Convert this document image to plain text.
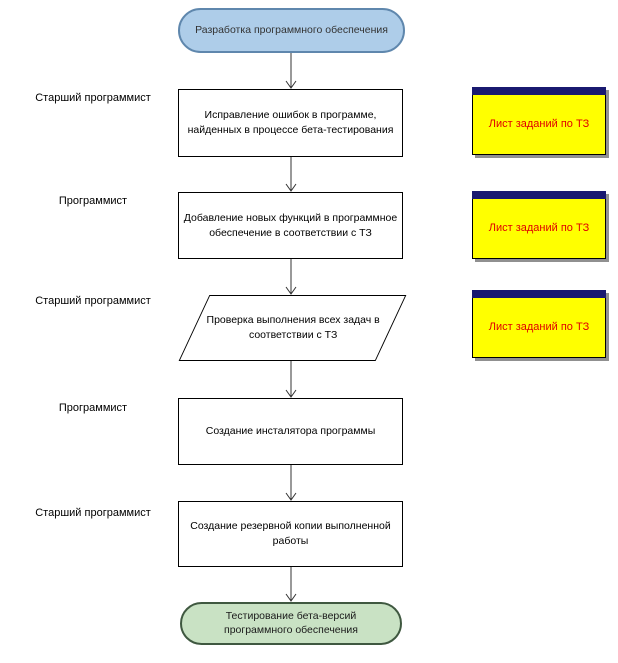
Разработка программного обеспечения
Старший программист
Программист
Старший программист
Программист
Старший программист
Исправление ошибок в программе, найденных в процессе бета-тестирования
Добавление новых функций в программное обеспечение в соответствии с ТЗ
Проверка выполнения всех задач в соответствии с ТЗ
Создание инсталятора программы
Создание резервной копии выполненной работы
Тестирование бета-версий программного обеспечения
Лист заданий по ТЗ
Лист заданий по ТЗ
Лист заданий по ТЗ
